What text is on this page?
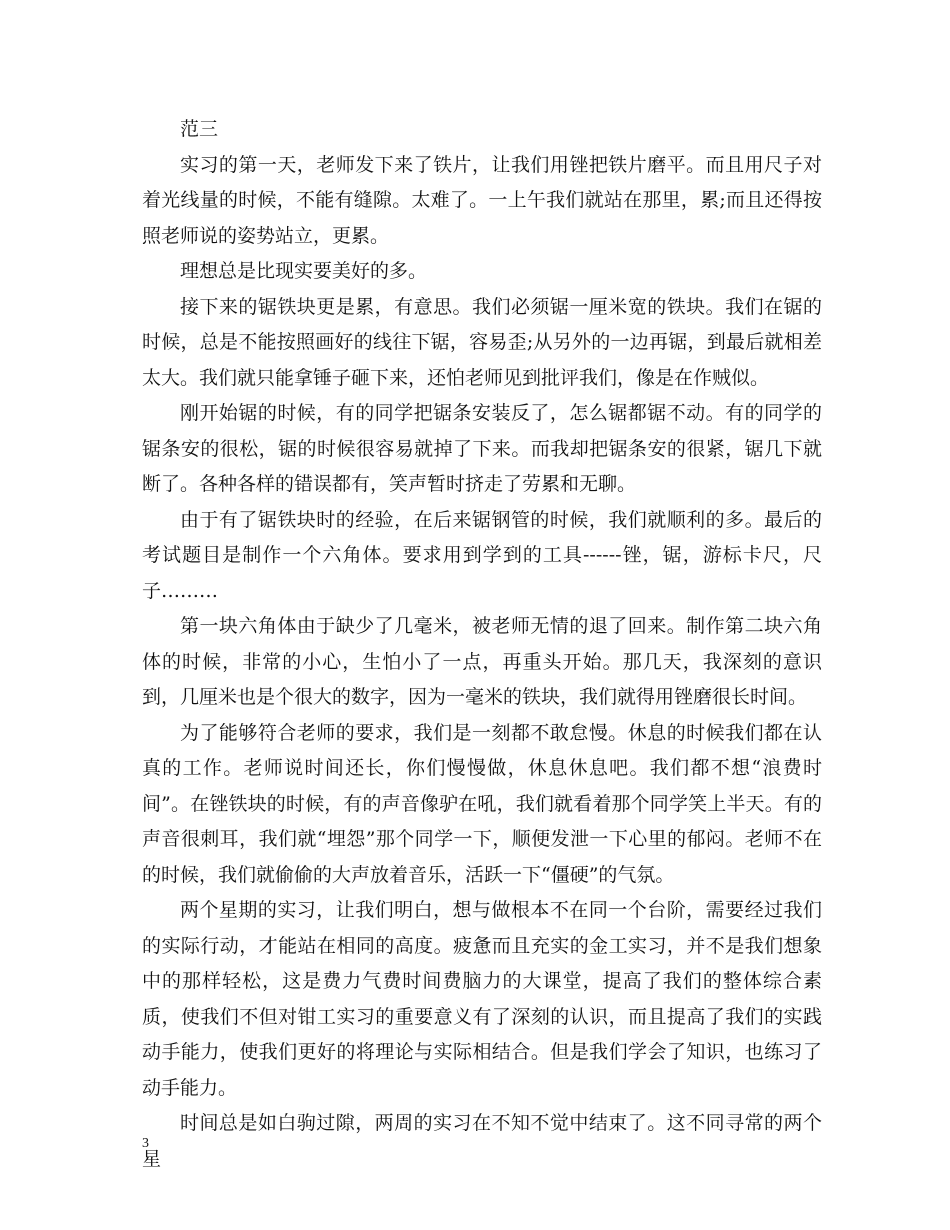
范三

实习的第一天，老师发下来了铁片，让我们用锉把铁片磨平。而且用尺子对着光线量的时候，不能有缝隙。太难了。一上午我们就站在那里，累;而且还得按照老师说的姿势站立，更累。

理想总是比现实要美好的多。

接下来的锯铁块更是累，有意思。我们必须锯一厘米宽的铁块。我们在锯的时候，总是不能按照画好的线往下锯，容易歪;从另外的一边再锯，到最后就相差太大。我们就只能拿锤子砸下来，还怕老师见到批评我们，像是在作贼似。

刚开始锯的时候，有的同学把锯条安装反了，怎么锯都锯不动。有的同学的锯条安的很松，锯的时候很容易就掉了下来。而我却把锯条安的很紧，锯几下就断了。各种各样的错误都有，笑声暂时挤走了劳累和无聊。

由于有了锯铁块时的经验，在后来锯钢管的时候，我们就顺利的多。最后的考试题目是制作一个六角体。要求用到学到的工具------锉，锯，游标卡尺，尺子………

第一块六角体由于缺少了几毫米，被老师无情的退了回来。制作第二块六角体的时候，非常的小心，生怕小了一点，再重头开始。那几天，我深刻的意识到，几厘米也是个很大的数字，因为一毫米的铁块，我们就得用锉磨很长时间。

为了能够符合老师的要求，我们是一刻都不敢怠慢。休息的时候我们都在认真的工作。老师说时间还长，你们慢慢做，休息休息吧。我们都不想“浪费时间”。在锉铁块的时候，有的声音像驴在吼，我们就看着那个同学笑上半天。有的声音很刺耳，我们就“埋怨”那个同学一下，顺便发泄一下心里的郁闷。老师不在的时候，我们就偷偷的大声放着音乐，活跃一下“僵硬”的气氛。

两个星期的实习，让我们明白，想与做根本不在同一个台阶，需要经过我们的实际行动，才能站在相同的高度。疲惫而且充实的金工实习，并不是我们想象中的那样轻松，这是费力气费时间费脑力的大课堂，提高了我们的整体综合素质，使我们不但对钳工实习的重要意义有了深刻的认识，而且提高了我们的实践动手能力，使我们更好的将理论与实际相结合。但是我们学会了知识，也练习了动手能力。

时间总是如白驹过隙，两周的实习在不知不觉中结束了。这不同寻常的两个星

3
